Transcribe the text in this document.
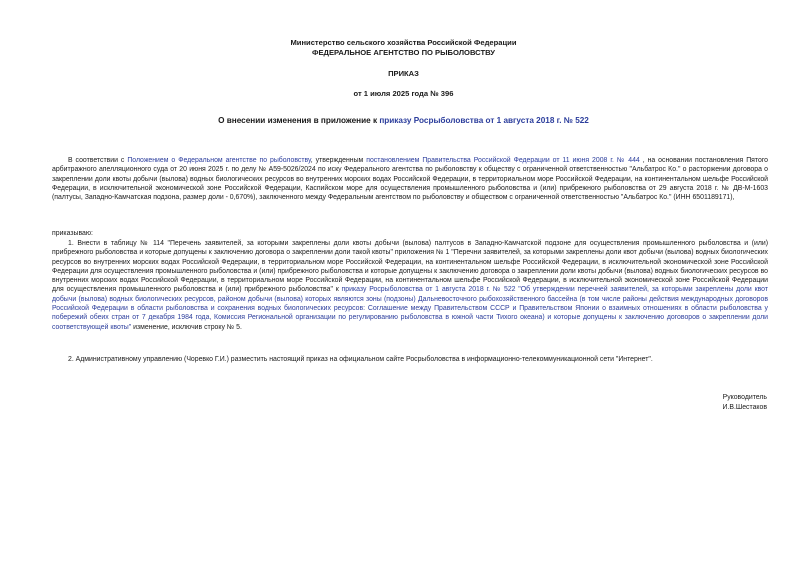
Министерство сельского хозяйства Российской Федерации
ФЕДЕРАЛЬНОЕ АГЕНТСТВО ПО РЫБОЛОВСТВУ
ПРИКАЗ
от 1 июля 2025 года № 396
О внесении изменения в приложение к приказу Росрыболовства от 1 августа 2018 г. № 522
В соответствии с Положением о Федеральном агентстве по рыболовству, утвержденным постановлением Правительства Российской Федерации от 11 июня 2008 г. № 444 , на основании постановления Пятого арбитражного апелляционного суда от 20 июня 2025 г. по делу № А59-5026/2024 по иску Федерального агентства по рыболовству к обществу с ограниченной ответственностью "Альбатрос Ко." о расторжении договора о закреплении доли квоты добычи (вылова) водных биологических ресурсов во внутренних морских водах Российской Федерации, в территориальном море Российской Федерации, на континентальном шельфе Российской Федерации, в исключительной экономической зоне Российской Федерации, Каспийском море для осуществления промышленного рыболовства и (или) прибрежного рыболовства от 29 августа 2018 г. № ДВ-М-1603 (палтусы, Западно-Камчатская подзона, размер доли - 0,670%), заключенного между Федеральным агентством по рыболовству и обществом с ограниченной ответственностью "Альбатрос Ко." (ИНН 6501189171),
приказываю:
1. Внести в таблицу № 114 "Перечень заявителей, за которыми закреплены доли квоты добычи (вылова) палтусов в Западно-Камчатской подзоне для осуществления промышленного рыболовства и (или) прибрежного рыболовства и которые допущены к заключению договора о закреплении доли такой квоты" приложения № 1 "Перечни заявителей, за которыми закреплены доли квот добычи (вылова) водных биологических ресурсов во внутренних морских водах Российской Федерации, в территориальном море Российской Федерации, на континентальном шельфе Российской Федерации, в исключительной экономической зоне Российской Федерации для осуществления промышленного рыболовства и (или) прибрежного рыболовства и которые допущены к заключению договора о закреплении доли квоты добычи (вылова) водных биологических ресурсов во внутренних морских водах Российской Федерации, в территориальном море Российской Федерации, на континентальном шельфе Российской Федерации, в исключительной экономической зоне Российской Федерации для осуществления промышленного рыболовства и (или) прибрежного рыболовства" к приказу Росрыболовства от 1 августа 2018 г. № 522 "Об утверждении перечней заявителей, за которыми закреплены доли квот добычи (вылова) водных биологических ресурсов, районом добычи (вылова) которых являются зоны (подзоны) Дальневосточного рыбохозяйственного бассейна (в том числе районы действия международных договоров Российской Федерации в области рыболовства и сохранения водных биологических ресурсов: Соглашение между Правительством СССР и Правительством Японии о взаимных отношениях в области рыболовства у побережий обеих стран от 7 декабря 1984 года, Комиссия Региональной организации по регулированию рыболовства в южной части Тихого океана) и которые допущены к заключению договоров о закреплении доли соответствующей квоты" изменение, исключив строку № 5.
2. Административному управлению (Чоревко Г.И.) разместить настоящий приказ на официальном сайте Росрыболовства в информационно-телекоммуникационной сети "Интернет".
Руководитель
И.В.Шестаков
